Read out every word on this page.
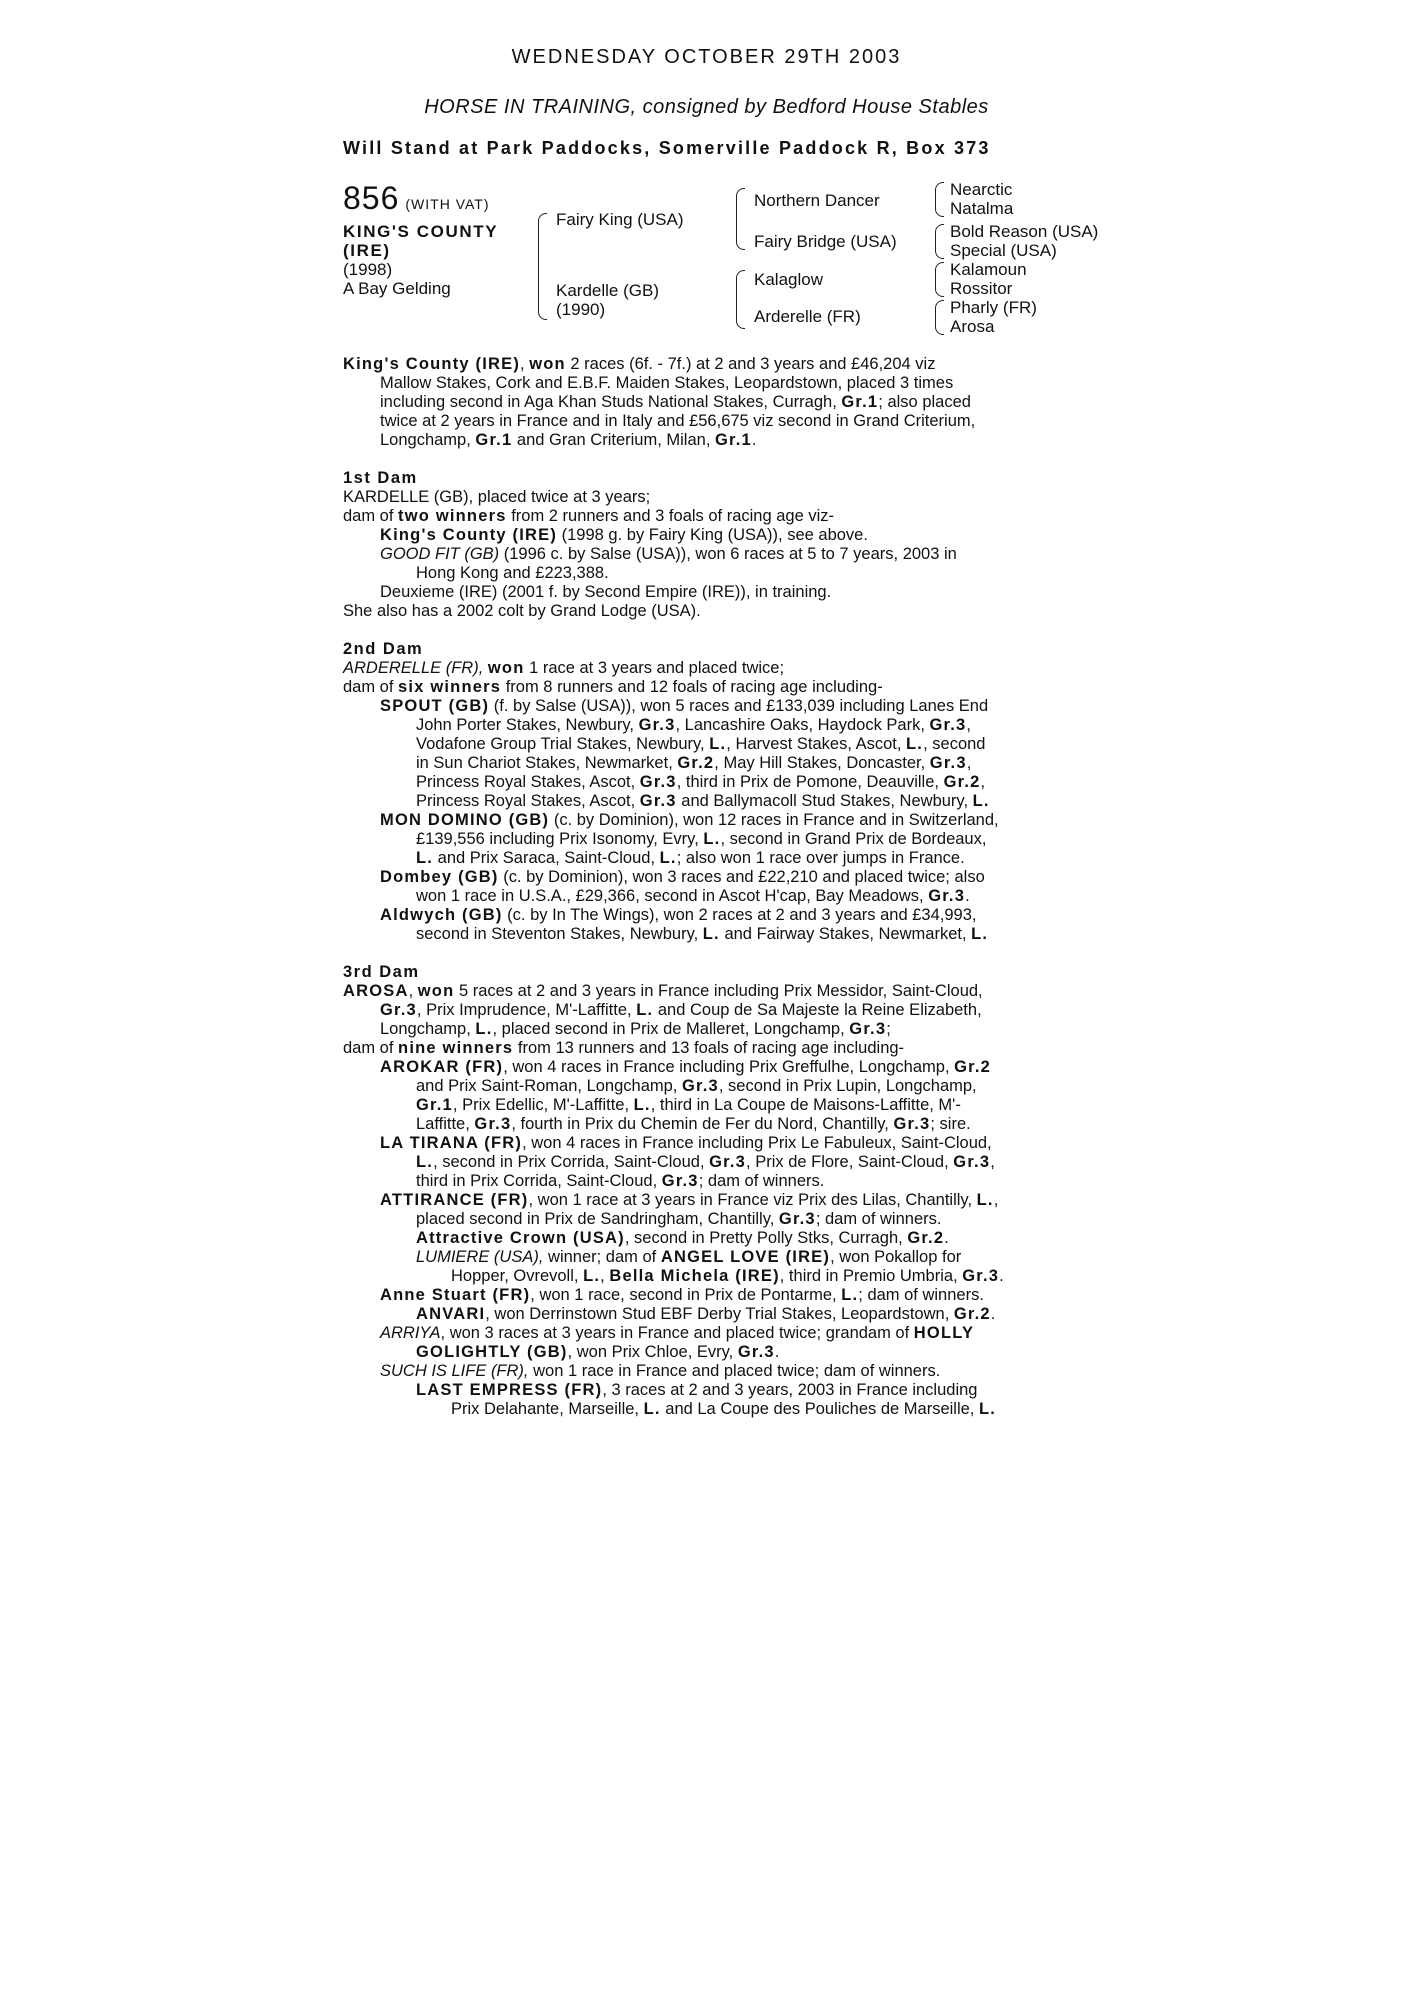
WEDNESDAY OCTOBER 29TH 2003
HORSE IN TRAINING, consigned by Bedford House Stables
Will Stand at Park Paddocks, Somerville Paddock R, Box 373
856 (WITH VAT)
KING'S COUNTY
(IRE)
(1998)
A Bay Gelding
Fairy King (USA)
Kardelle (GB)
(1990)
Northern Dancer
Fairy Bridge (USA)
Kalaglow
Arderelle (FR)
Nearctic
Natalma
Bold Reason (USA)
Special (USA)
Kalamoun
Rossitor
Pharly (FR)
Arosa

King's County (IRE), won 2 races (6f. - 7f.) at 2 and 3 years and £46,204 viz

Mallow Stakes, Cork and E.B.F. Maiden Stakes, Leopardstown, placed 3 times

including second in Aga Khan Studs National Stakes, Curragh, Gr.1; also placed

twice at 2 years in France and in Italy and £56,675 viz second in Grand Criterium,

Longchamp, Gr.1 and Gran Criterium, Milan, Gr.1.

1st Dam

KARDELLE (GB), placed twice at 3 years;

dam of two winners from 2 runners and 3 foals of racing age viz-

King's County (IRE) (1998 g. by Fairy King (USA)), see above.

GOOD FIT (GB) (1996 c. by Salse (USA)), won 6 races at 5 to 7 years, 2003 in

Hong Kong and £223,388.

Deuxieme (IRE) (2001 f. by Second Empire (IRE)), in training.

She also has a 2002 colt by Grand Lodge (USA).

2nd Dam

ARDERELLE (FR), won 1 race at 3 years and placed twice;

dam of six winners from 8 runners and 12 foals of racing age including-

SPOUT (GB) (f. by Salse (USA)), won 5 races and £133,039 including Lanes End

John Porter Stakes, Newbury, Gr.3, Lancashire Oaks, Haydock Park, Gr.3,

Vodafone Group Trial Stakes, Newbury, L., Harvest Stakes, Ascot, L., second

in Sun Chariot Stakes, Newmarket, Gr.2, May Hill Stakes, Doncaster, Gr.3,

Princess Royal Stakes, Ascot, Gr.3, third in Prix de Pomone, Deauville, Gr.2,

Princess Royal Stakes, Ascot, Gr.3 and Ballymacoll Stud Stakes, Newbury, L.

MON DOMINO (GB) (c. by Dominion), won 12 races in France and in Switzerland,

£139,556 including Prix Isonomy, Evry, L., second in Grand Prix de Bordeaux,

L. and Prix Saraca, Saint-Cloud, L.; also won 1 race over jumps in France.

Dombey (GB) (c. by Dominion), won 3 races and £22,210 and placed twice; also

won 1 race in U.S.A., £29,366, second in Ascot H'cap, Bay Meadows, Gr.3.

Aldwych (GB) (c. by In The Wings), won 2 races at 2 and 3 years and £34,993,

second in Steventon Stakes, Newbury, L. and Fairway Stakes, Newmarket, L.

3rd Dam

AROSA, won 5 races at 2 and 3 years in France including Prix Messidor, Saint-Cloud,

Gr.3, Prix Imprudence, M'-Laffitte, L. and Coup de Sa Majeste la Reine Elizabeth,

Longchamp, L., placed second in Prix de Malleret, Longchamp, Gr.3;

dam of nine winners from 13 runners and 13 foals of racing age including-

AROKAR (FR), won 4 races in France including Prix Greffulhe, Longchamp, Gr.2

and Prix Saint-Roman, Longchamp, Gr.3, second in Prix Lupin, Longchamp,

Gr.1, Prix Edellic, M'-Laffitte, L., third in La Coupe de Maisons-Laffitte, M'-

Laffitte, Gr.3, fourth in Prix du Chemin de Fer du Nord, Chantilly, Gr.3; sire.

LA TIRANA (FR), won 4 races in France including Prix Le Fabuleux, Saint-Cloud,

L., second in Prix Corrida, Saint-Cloud, Gr.3, Prix de Flore, Saint-Cloud, Gr.3,

third in Prix Corrida, Saint-Cloud, Gr.3; dam of winners.

ATTIRANCE (FR), won 1 race at 3 years in France viz Prix des Lilas, Chantilly, L.,

placed second in Prix de Sandringham, Chantilly, Gr.3; dam of winners.

Attractive Crown (USA), second in Pretty Polly Stks, Curragh, Gr.2.

LUMIERE (USA), winner; dam of ANGEL LOVE (IRE), won Pokallop for

Hopper, Ovrevoll, L., Bella Michela (IRE), third in Premio Umbria, Gr.3.

Anne Stuart (FR), won 1 race, second in Prix de Pontarme, L.; dam of winners.

ANVARI, won Derrinstown Stud EBF Derby Trial Stakes, Leopardstown, Gr.2.

ARRIYA, won 3 races at 3 years in France and placed twice; grandam of HOLLY

GOLIGHTLY (GB), won Prix Chloe, Evry, Gr.3.

SUCH IS LIFE (FR), won 1 race in France and placed twice; dam of winners.

LAST EMPRESS (FR), 3 races at 2 and 3 years, 2003 in France including

Prix Delahante, Marseille, L. and La Coupe des Pouliches de Marseille, L.
